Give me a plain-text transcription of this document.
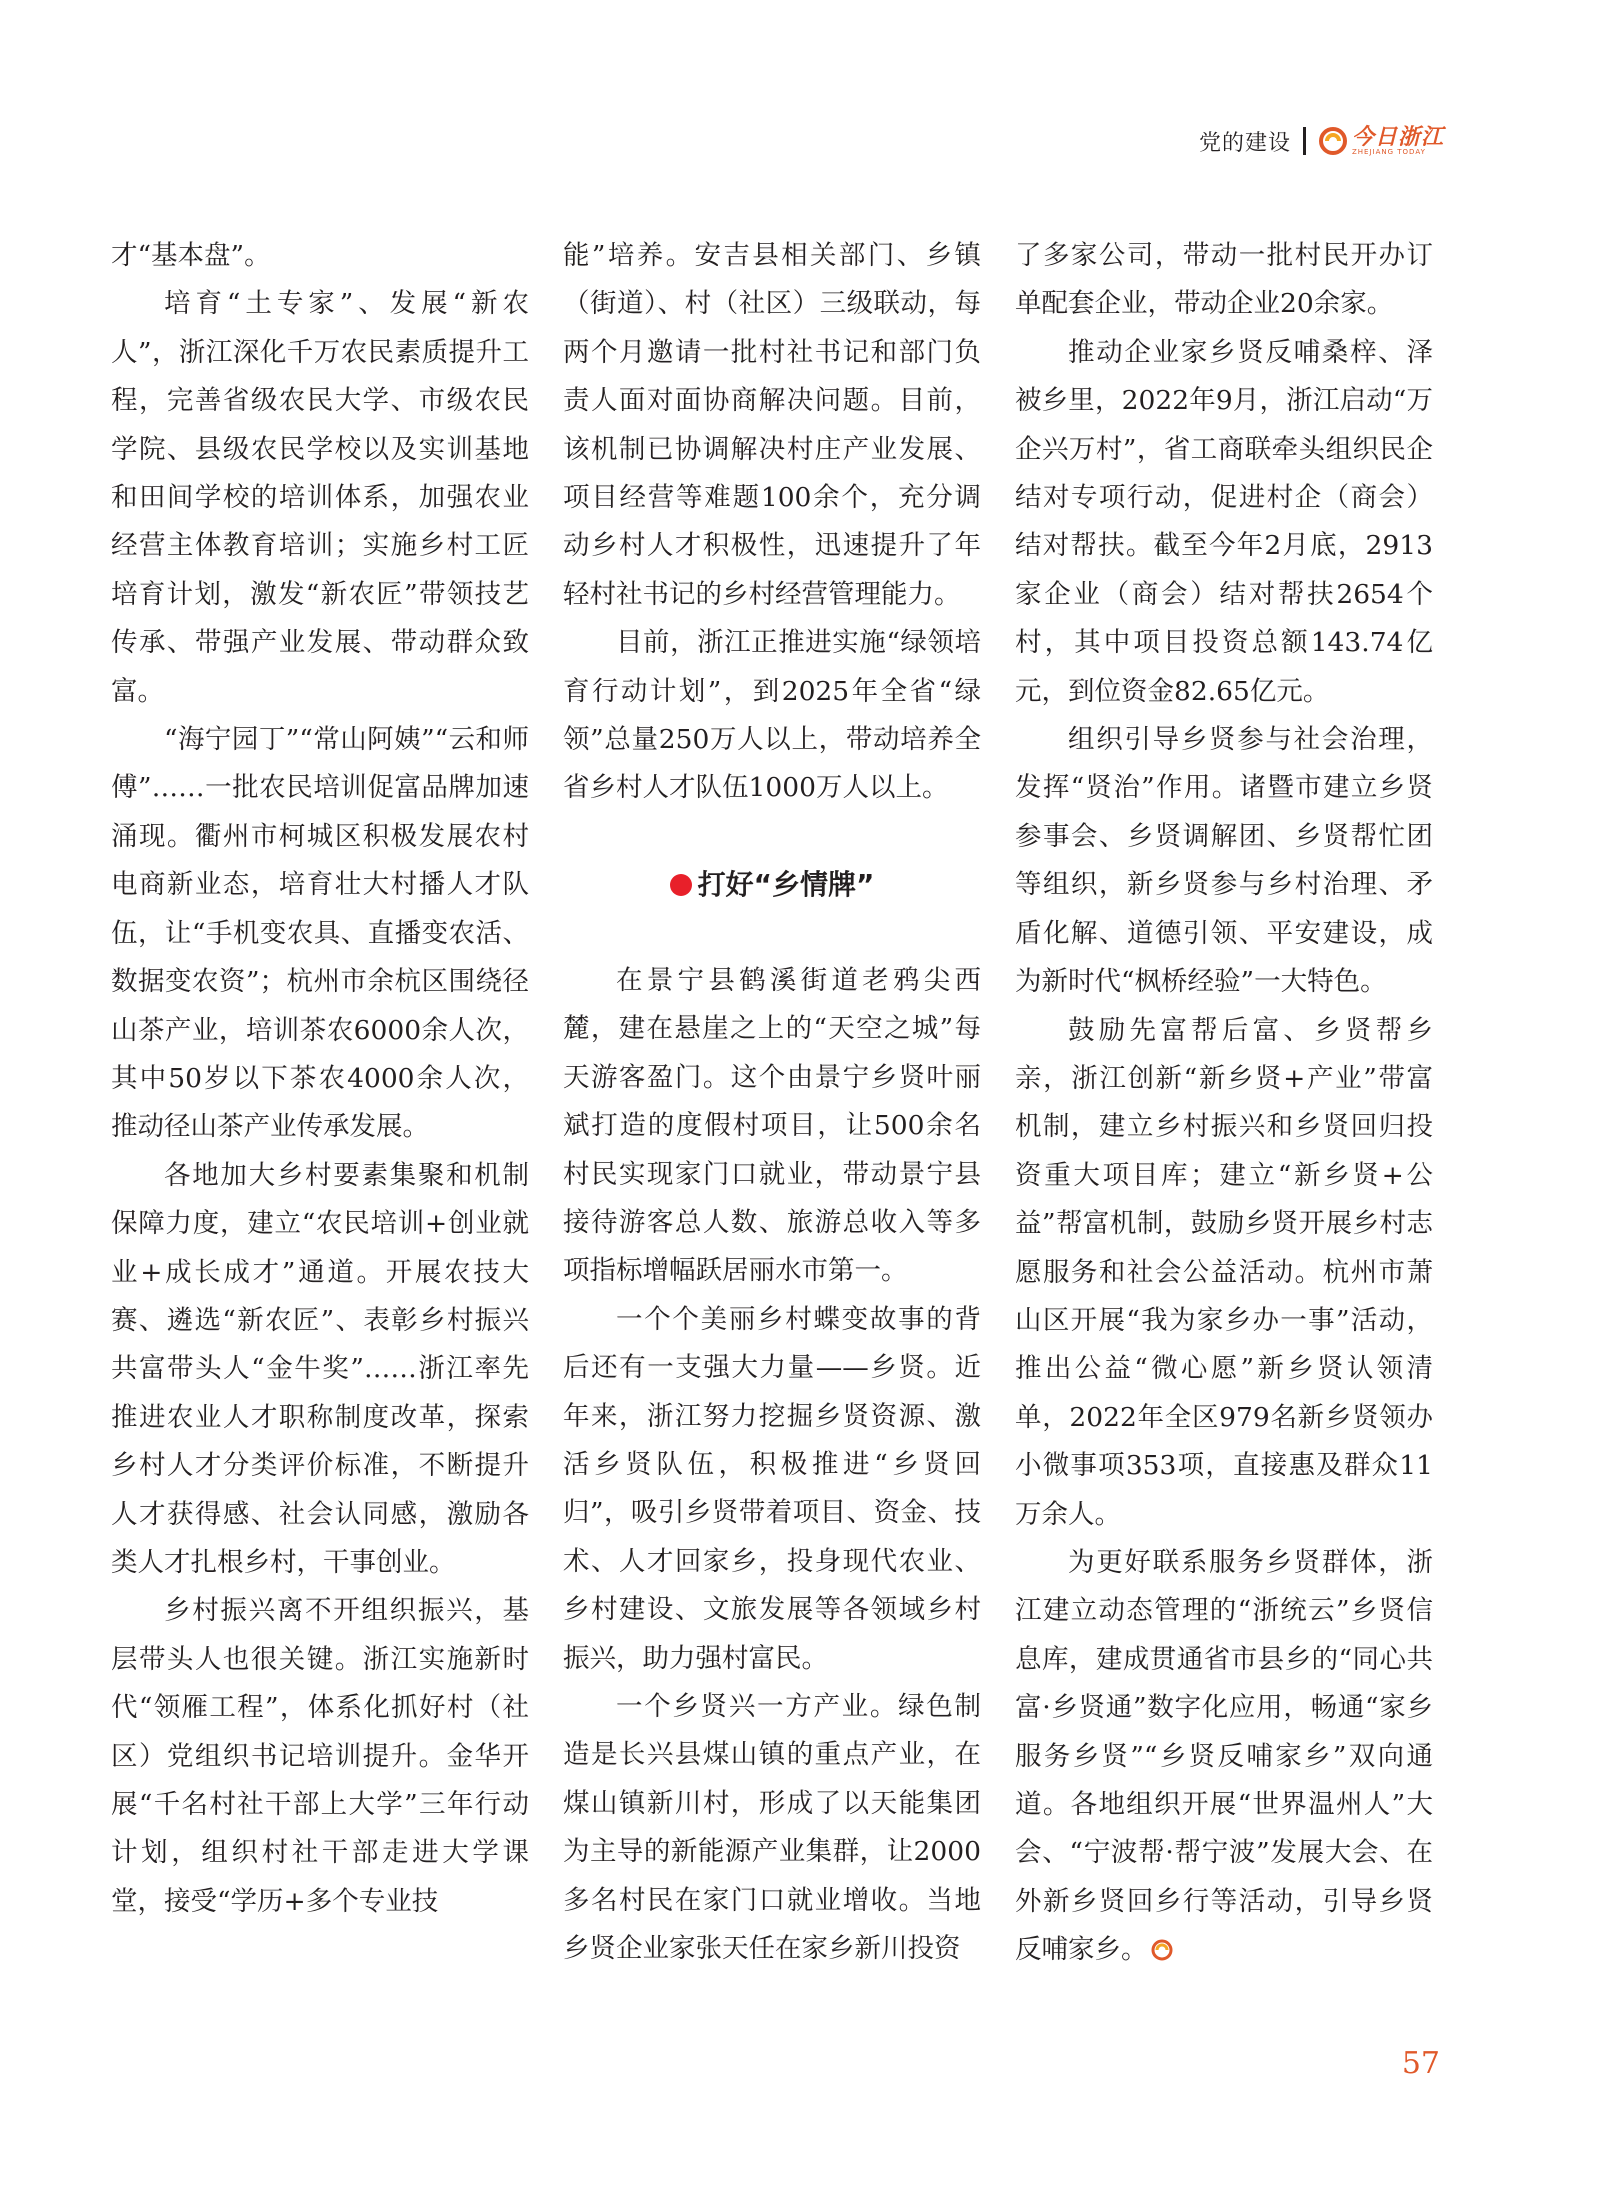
党的建设	今日浙江
ZHEJIANG TODAY

才“基本盘”。

培育“土专家”、发展“新农人”，浙江深化千万农民素质提升工程，完善省级农民大学、市级农民学院、县级农民学校以及实训基地和田间学校的培训体系，加强农业经营主体教育培训；实施乡村工匠培育计划，激发“新农匠”带领技艺传承、带强产业发展、带动群众致富。

“海宁园丁”“常山阿姨”“云和师傅”……一批农民培训促富品牌加速涌现。衢州市柯城区积极发展农村电商新业态，培育壮大村播人才队伍，让“手机变农具、直播变农活、数据变农资”；杭州市余杭区围绕径山茶产业，培训茶农6000余人次，其中50岁以下茶农4000余人次，推动径山茶产业传承发展。

各地加大乡村要素集聚和机制保障力度，建立“农民培训+创业就业+成长成才”通道。开展农技大赛、遴选“新农匠”、表彰乡村振兴共富带头人“金牛奖”……浙江率先推进农业人才职称制度改革，探索乡村人才分类评价标准，不断提升人才获得感、社会认同感，激励各类人才扎根乡村，干事创业。

乡村振兴离不开组织振兴，基层带头人也很关键。浙江实施新时代“领雁工程”，体系化抓好村（社区）党组织书记培训提升。金华开展“千名村社干部上大学”三年行动计划，组织村社干部走进大学课堂，接受“学历+多个专业技

能”培养。安吉县相关部门、乡镇（街道）、村（社区）三级联动，每两个月邀请一批村社书记和部门负责人面对面协商解决问题。目前，该机制已协调解决村庄产业发展、项目经营等难题100余个，充分调动乡村人才积极性，迅速提升了年轻村社书记的乡村经营管理能力。

目前，浙江正推进实施“绿领培育行动计划”，到2025年全省“绿领”总量250万人以上，带动培养全省乡村人才队伍1000万人以上。

打好“乡情牌”

在景宁县鹤溪街道老鸦尖西麓，建在悬崖之上的“天空之城”每天游客盈门。这个由景宁乡贤叶丽斌打造的度假村项目，让500余名村民实现家门口就业，带动景宁县接待游客总人数、旅游总收入等多项指标增幅跃居丽水市第一。

一个个美丽乡村蝶变故事的背后还有一支强大力量——乡贤。近年来，浙江努力挖掘乡贤资源、激活乡贤队伍，积极推进“乡贤回归”，吸引乡贤带着项目、资金、技术、人才回家乡，投身现代农业、乡村建设、文旅发展等各领域乡村振兴，助力强村富民。

一个乡贤兴一方产业。绿色制造是长兴县煤山镇的重点产业，在煤山镇新川村，形成了以天能集团为主导的新能源产业集群，让2000多名村民在家门口就业增收。当地乡贤企业家张天任在家乡新川投资

了多家公司，带动一批村民开办订单配套企业，带动企业20余家。

推动企业家乡贤反哺桑梓、泽被乡里，2022年9月，浙江启动“万企兴万村”，省工商联牵头组织民企结对专项行动，促进村企（商会）结对帮扶。截至今年2月底，2913家企业（商会）结对帮扶2654个村，其中项目投资总额143.74亿元，到位资金82.65亿元。

组织引导乡贤参与社会治理，发挥“贤治”作用。诸暨市建立乡贤参事会、乡贤调解团、乡贤帮忙团等组织，新乡贤参与乡村治理、矛盾化解、道德引领、平安建设，成为新时代“枫桥经验”一大特色。

鼓励先富帮后富、乡贤帮乡亲，浙江创新“新乡贤+产业”带富机制，建立乡村振兴和乡贤回归投资重大项目库；建立“新乡贤+公益”帮富机制，鼓励乡贤开展乡村志愿服务和社会公益活动。杭州市萧山区开展“我为家乡办一事”活动，推出公益“微心愿”新乡贤认领清单，2022年全区979名新乡贤领办小微事项353项，直接惠及群众11万余人。

为更好联系服务乡贤群体，浙江建立动态管理的“浙统云”乡贤信息库，建成贯通省市县乡的“同心共富·乡贤通”数字化应用，畅通“家乡服务乡贤”“乡贤反哺家乡”双向通道。各地组织开展“世界温州人”大会、“宁波帮·帮宁波”发展大会、在外新乡贤回乡行等活动，引导乡贤反哺家乡。

57
